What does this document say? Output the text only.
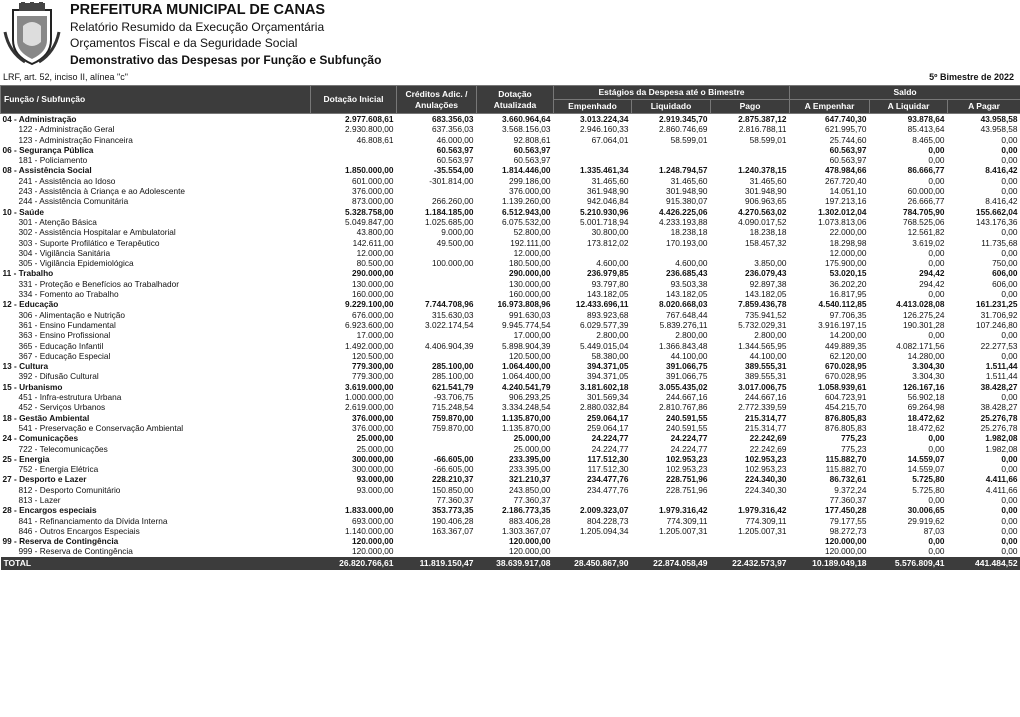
PREFEITURA MUNICIPAL DE CANAS
Relatório Resumido da Execução Orçamentária
Orçamentos Fiscal e da Seguridade Social
Demonstrativo das Despesas por Função e Subfunção
LRF, art. 52, inciso II, alínea "c"	5º Bimestre de 2022
Função / Subfunção	Dotação Inicial	Créditos Adic. / Anulações	Dotação Atualizada	Estágios da Despesa até o Bimestre			Saldo		
				Empenhado	Liquidado	Pago	A Empenhar	A Liquidar	A Pagar
04 - Administração	2.977.608,61	683.356,03	3.660.964,64	3.013.224,34	2.919.345,70	2.875.387,12	647.740,30	93.878,64	43.958,58
122 - Administração Geral	2.930.800,00	637.356,03	3.568.156,03	2.946.160,33	2.860.746,69	2.816.788,11	621.995,70	85.413,64	43.958,58
123 - Administração Financeira	46.808,61	46.000,00	92.808,61	67.064,01	58.599,01	58.599,01	25.744,60	8.465,00	0,00
06 - Segurança Pública		60.563,97	60.563,97				60.563,97	0,00	0,00
181 - Policiamento		60.563,97	60.563,97				60.563,97	0,00	0,00
08 - Assistência Social	1.850.000,00	-35.554,00	1.814.446,00	1.335.461,34	1.248.794,57	1.240.378,15	478.984,66	86.666,77	8.416,42
241 - Assistência ao Idoso	601.000,00	-301.814,00	299.186,00	31.465,60	31.465,60	31.465,60	267.720,40	0,00	0,00
243 - Assistência à Criança e ao Adolescente	376.000,00		376.000,00	361.948,90	301.948,90	301.948,90	14.051,10	60.000,00	0,00
244 - Assistência Comunitária	873.000,00	266.260,00	1.139.260,00	942.046,84	915.380,07	906.963,65	197.213,16	26.666,77	8.416,42
10 - Saúde	5.328.758,00	1.184.185,00	6.512.943,00	5.210.930,96	4.426.225,06	4.270.563,02	1.302.012,04	784.705,90	155.662,04
301 - Atenção Básica	5.049.847,00	1.025.685,00	6.075.532,00	5.001.718,94	4.233.193,88	4.090.017,52	1.073.813,06	768.525,06	143.176,36
302 - Assistência Hospitalar e Ambulatorial	43.800,00	9.000,00	52.800,00	30.800,00	18.238,18	18.238,18	22.000,00	12.561,82	0,00
303 - Suporte Profilático e Terapêutico	142.611,00	49.500,00	192.111,00	173.812,02	170.193,00	158.457,32	18.298,98	3.619,02	11.735,68
304 - Vigilância Sanitária	12.000,00		12.000,00				12.000,00	0,00	0,00
305 - Vigilância Epidemiológica	80.500,00	100.000,00	180.500,00	4.600,00	4.600,00	3.850,00	175.900,00	0,00	750,00
11 - Trabalho	290.000,00		290.000,00	236.979,85	236.685,43	236.079,43	53.020,15	294,42	606,00
331 - Proteção e Benefícios ao Trabalhador	130.000,00		130.000,00	93.797,80	93.503,38	92.897,38	36.202,20	294,42	606,00
334 - Fomento ao Trabalho	160.000,00		160.000,00	143.182,05	143.182,05	143.182,05	16.817,95	0,00	0,00
12 - Educação	9.229.100,00	7.744.708,96	16.973.808,96	12.433.696,11	8.020.668,03	7.859.436,78	4.540.112,85	4.413.028,08	161.231,25
306 - Alimentação e Nutrição	676.000,00	315.630,03	991.630,03	893.923,68	767.648,44	735.941,52	97.706,35	126.275,24	31.706,92
361 - Ensino Fundamental	6.923.600,00	3.022.174,54	9.945.774,54	6.029.577,39	5.839.276,11	5.732.029,31	3.916.197,15	190.301,28	107.246,80
363 - Ensino Profissional	17.000,00		17.000,00	2.800,00	2.800,00	2.800,00	14.200,00	0,00	0,00
365 - Educação Infantil	1.492.000,00	4.406.904,39	5.898.904,39	5.449.015,04	1.366.843,48	1.344.565,95	449.889,35	4.082.171,56	22.277,53
367 - Educação Especial	120.500,00		120.500,00	58.380,00	44.100,00	44.100,00	62.120,00	14.280,00	0,00
13 - Cultura	779.300,00	285.100,00	1.064.400,00	394.371,05	391.066,75	389.555,31	670.028,95	3.304,30	1.511,44
392 - Difusão Cultural	779.300,00	285.100,00	1.064.400,00	394.371,05	391.066,75	389.555,31	670.028,95	3.304,30	1.511,44
15 - Urbanismo	3.619.000,00	621.541,79	4.240.541,79	3.181.602,18	3.055.435,02	3.017.006,75	1.058.939,61	126.167,16	38.428,27
451 - Infra-estrutura Urbana	1.000.000,00	-93.706,75	906.293,25	301.569,34	244.667,16	244.667,16	604.723,91	56.902,18	0,00
452 - Serviços Urbanos	2.619.000,00	715.248,54	3.334.248,54	2.880.032,84	2.810.767,86	2.772.339,59	454.215,70	69.264,98	38.428,27
18 - Gestão Ambiental	376.000,00	759.870,00	1.135.870,00	259.064,17	240.591,55	215.314,77	876.805,83	18.472,62	25.276,78
541 - Preservação e Conservação Ambiental	376.000,00	759.870,00	1.135.870,00	259.064,17	240.591,55	215.314,77	876.805,83	18.472,62	25.276,78
24 - Comunicações	25.000,00		25.000,00	24.224,77	24.224,77	22.242,69	775,23	0,00	1.982,08
722 - Telecomunicações	25.000,00		25.000,00	24.224,77	24.224,77	22.242,69	775,23	0,00	1.982,08
25 - Energia	300.000,00	-66.605,00	233.395,00	117.512,30	102.953,23	102.953,23	115.882,70	14.559,07	0,00
752 - Energia Elétrica	300.000,00	-66.605,00	233.395,00	117.512,30	102.953,23	102.953,23	115.882,70	14.559,07	0,00
27 - Desporto e Lazer	93.000,00	228.210,37	321.210,37	234.477,76	228.751,96	224.340,30	86.732,61	5.725,80	4.411,66
812 - Desporto Comunitário	93.000,00	150.850,00	243.850,00	234.477,76	228.751,96	224.340,30	9.372,24	5.725,80	4.411,66
813 - Lazer		77.360,37	77.360,37				77.360,37	0,00	0,00
28 - Encargos especiais	1.833.000,00	353.773,35	2.186.773,35	2.009.323,07	1.979.316,42	1.979.316,42	177.450,28	30.006,65	0,00
841 - Refinanciamento da Dívida Interna	693.000,00	190.406,28	883.406,28	804.228,73	774.309,11	774.309,11	79.177,55	29.919,62	0,00
846 - Outros Encargos Especiais	1.140.000,00	163.367,07	1.303.367,07	1.205.094,34	1.205.007,31	1.205.007,31	98.272,73	87,03	0,00
99 - Reserva de Contingência	120.000,00		120.000,00				120.000,00	0,00	0,00
999 - Reserva de Contingência	120.000,00		120.000,00				120.000,00	0,00	0,00
TOTAL	26.820.766,61	11.819.150,47	38.639.917,08	28.450.867,90	22.874.058,49	22.432.573,97	10.189.049,18	5.576.809,41	441.484,52
